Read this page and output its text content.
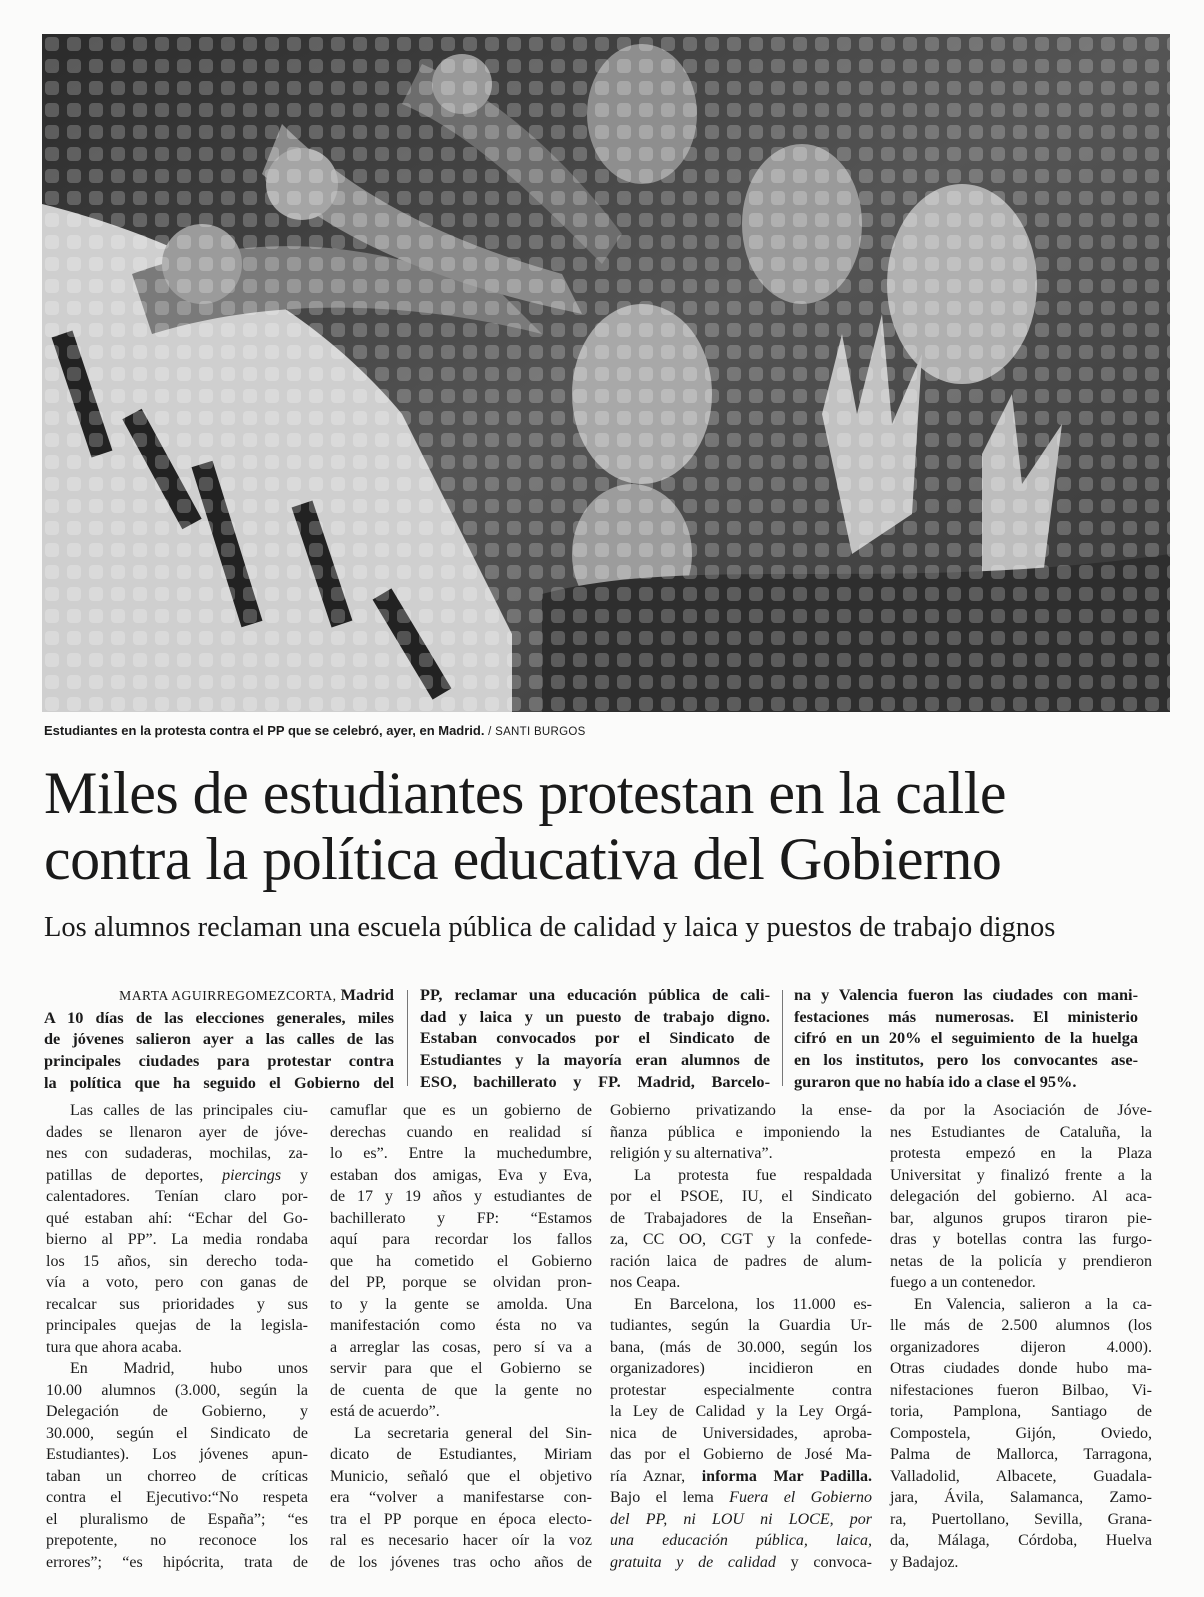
Estudiantes en la protesta contra el PP que se celebró, ayer, en Madrid. / SANTI BURGOS
Miles de estudiantes protestan en la calle
contra la política educativa del Gobierno
Los alumnos reclaman una escuela pública de calidad y laica y puestos de trabajo dignos
MARTA AGUIRREGOMEZCORTA, Madrid
A 10 días de las elecciones generales, miles
de jóvenes salieron ayer a las calles de las
principales ciudades para protestar contra
la política que ha seguido el Gobierno del
PP, reclamar una educación pública de cali-
dad y laica y un puesto de trabajo digno.
Estaban convocados por el Sindicato de
Estudiantes y la mayoría eran alumnos de
ESO, bachillerato y FP. Madrid, Barcelo-
na y Valencia fueron las ciudades con mani-
festaciones más numerosas. El ministerio
cifró en un 20% el seguimiento de la huelga
en los institutos, pero los convocantes ase-
guraron que no había ido a clase el 95%.
Las calles de las principales ciu-
dades se llenaron ayer de jóve-
nes con sudaderas, mochilas, za-
patillas de deportes, piercings y
calentadores. Tenían claro por-
qué estaban ahí: “Echar del Go-
bierno al PP”. La media rondaba
los 15 años, sin derecho toda-
vía a voto, pero con ganas de
recalcar sus prioridades y sus
principales quejas de la legisla-
tura que ahora acaba.
En Madrid, hubo unos
10.00 alumnos (3.000, según la
Delegación de Gobierno, y
30.000, según el Sindicato de
Estudiantes). Los jóvenes apun-
taban un chorreo de críticas
contra el Ejecutivo:“No respeta
el pluralismo de España”; “es
prepotente, no reconoce los
errores”; “es hipócrita, trata de
camuflar que es un gobierno de
derechas cuando en realidad sí
lo es”. Entre la muchedumbre,
estaban dos amigas, Eva y Eva,
de 17 y 19 años y estudiantes de
bachillerato y FP: “Estamos
aquí para recordar los fallos
que ha cometido el Gobierno
del PP, porque se olvidan pron-
to y la gente se amolda. Una
manifestación como ésta no va
a arreglar las cosas, pero sí va a
servir para que el Gobierno se
de cuenta de que la gente no
está de acuerdo”.
La secretaria general del Sin-
dicato de Estudiantes, Miriam
Municio, señaló que el objetivo
era “volver a manifestarse con-
tra el PP porque en época electo-
ral es necesario hacer oír la voz
de los jóvenes tras ocho años de
Gobierno privatizando la ense-
ñanza pública e imponiendo la
religión y su alternativa”.
La protesta fue respaldada
por el PSOE, IU, el Sindicato
de Trabajadores de la Enseñan-
za, CC OO, CGT y la confede-
ración laica de padres de alum-
nos Ceapa.
En Barcelona, los 11.000 es-
tudiantes, según la Guardia Ur-
bana, (más de 30.000, según los
organizadores) incidieron en
protestar especialmente contra
la Ley de Calidad y la Ley Orgá-
nica de Universidades, aproba-
das por el Gobierno de José Ma-
ría Aznar, informa Mar Padilla.
Bajo el lema Fuera el Gobierno
del PP, ni LOU ni LOCE, por
una educación pública, laica,
gratuita y de calidad y convoca-
da por la Asociación de Jóve-
nes Estudiantes de Cataluña, la
protesta empezó en la Plaza
Universitat y finalizó frente a la
delegación del gobierno. Al aca-
bar, algunos grupos tiraron pie-
dras y botellas contra las furgo-
netas de la policía y prendieron
fuego a un contenedor.
En Valencia, salieron a la ca-
lle más de 2.500 alumnos (los
organizadores dijeron 4.000).
Otras ciudades donde hubo ma-
nifestaciones fueron Bilbao, Vi-
toria, Pamplona, Santiago de
Compostela, Gijón, Oviedo,
Palma de Mallorca, Tarragona,
Valladolid, Albacete, Guadala-
jara, Ávila, Salamanca, Zamo-
ra, Puertollano, Sevilla, Grana-
da, Málaga, Córdoba, Huelva
y Badajoz.
